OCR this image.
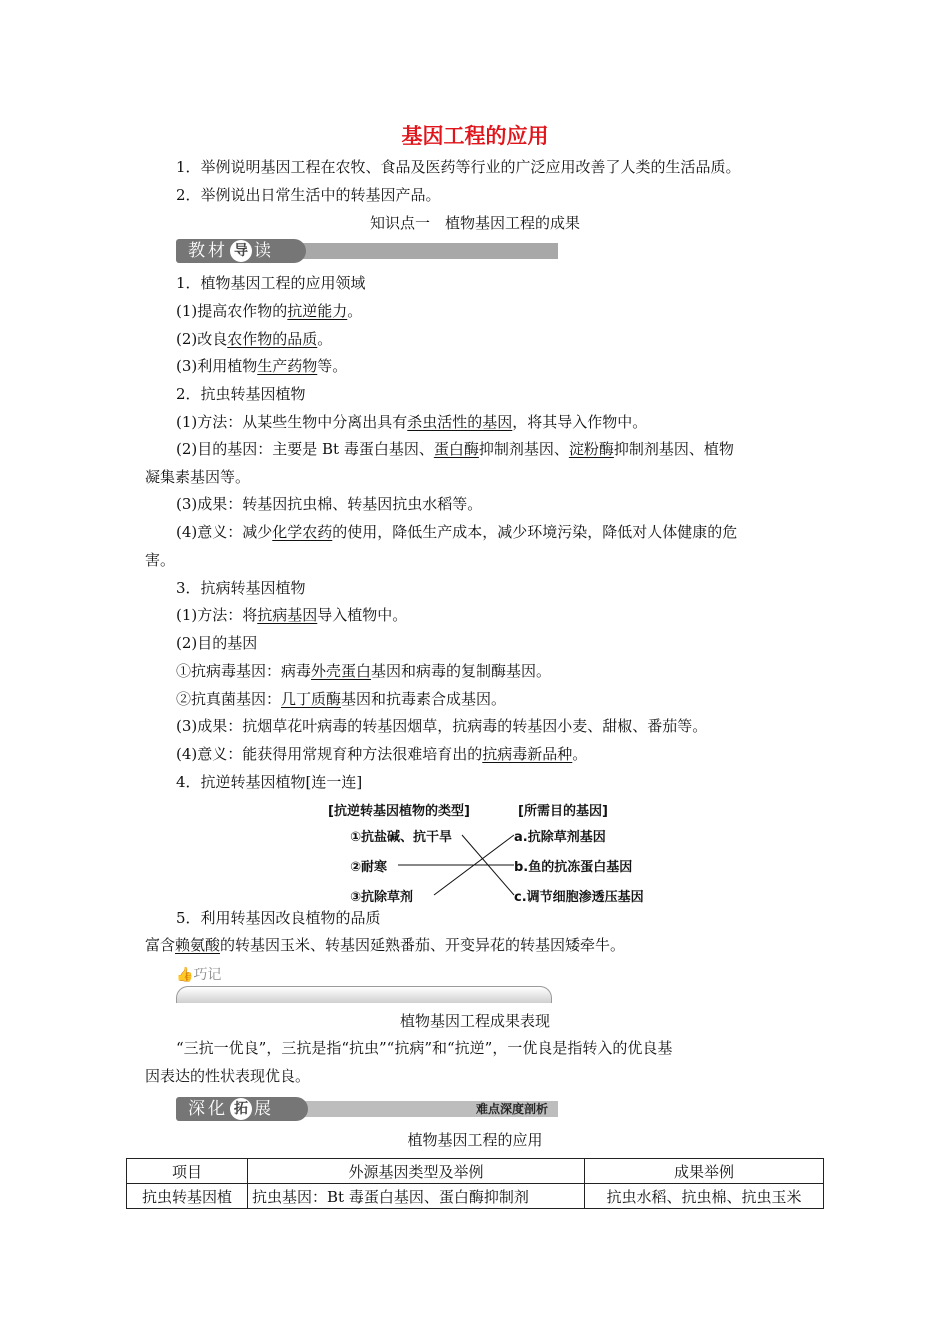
基因工程的应用
1．举例说明基因工程在农牧、食品及医药等行业的广泛应用改善了人类的生活品质。
2．举例说出日常生活中的转基因产品。
知识点一　植物基因工程的成果
教材 导 读
1．植物基因工程的应用领域
(1)提高农作物的抗逆能力。
(2)改良农作物的品质。
(3)利用植物生产药物等。
2．抗虫转基因植物
(1)方法：从某些生物中分离出具有杀虫活性的基因，将其导入作物中。
(2)目的基因：主要是 Bt 毒蛋白基因、蛋白酶抑制剂基因、淀粉酶抑制剂基因、植物
凝集素基因等。
(3)成果：转基因抗虫棉、转基因抗虫水稻等。
(4)意义：减少化学农药的使用，降低生产成本，减少环境污染，降低对人体健康的危
害。
3．抗病转基因植物
(1)方法：将抗病基因导入植物中。
(2)目的基因
①抗病毒基因：病毒外壳蛋白基因和病毒的复制酶基因。
②抗真菌基因：几丁质酶基因和抗毒素合成基因。
(3)成果：抗烟草花叶病毒的转基因烟草，抗病毒的转基因小麦、甜椒、番茄等。
(4)意义：能获得用常规育种方法很难培育出的抗病毒新品种。
4．抗逆转基因植物[连一连]
[抗逆转基因植物的类型]	[所需目的基因]
①抗盐碱、抗干旱
②耐寒
③抗除草剂
a.抗除草剂基因
b.鱼的抗冻蛋白基因
c.调节细胞渗透压基因
5．利用转基因改良植物的品质
富含赖氨酸的转基因玉米、转基因延熟番茄、开变异花的转基因矮牵牛。
👍巧记
植物基因工程成果表现
“三抗一优良”，三抗是指“抗虫”“抗病”和“抗逆”，一优良是指转入的优良基
因表达的性状表现优良。
深化 拓 展	难点深度剖析
植物基因工程的应用
项目	外源基因类型及举例	成果举例
抗虫转基因植	抗虫基因：Bt 毒蛋白基因、蛋白酶抑制剂	抗虫水稻、抗虫棉、抗虫玉米
